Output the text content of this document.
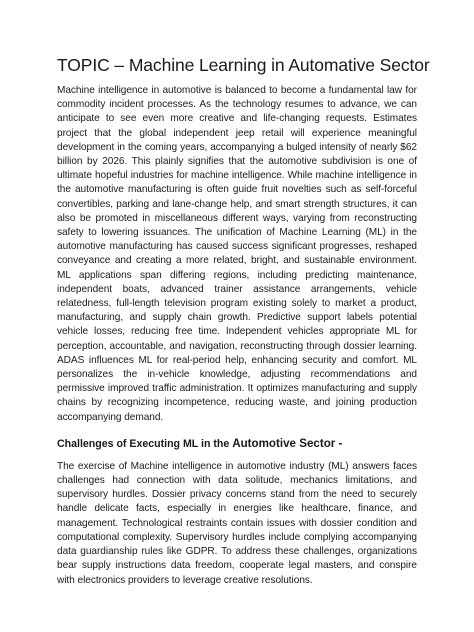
TOPIC – Machine Learning in Automative Sector

Machine intelligence in automotive is balanced to become a fundamental law for commodity incident processes. As the technology resumes to advance, we can anticipate to see even more creative and life-changing requests. Estimates project that the global independent jeep retail will experience meaningful development in the coming years, accompanying a bulged intensity of nearly $62 billion by 2026. This plainly signifies that the automotive subdivision is one of ultimate hopeful industries for machine intelligence. While machine intelligence in the automotive manufacturing is often guide fruit novelties such as self-forceful convertibles, parking and lane-change help, and smart strength structures, it can also be promoted in miscellaneous different ways, varying from reconstructing safety to lowering issuances. The unification of Machine Learning (ML) in the automotive manufacturing has caused success significant progresses, reshaped conveyance and creating a more related, bright, and sustainable environment. ML applications span differing regions, including predicting maintenance, independent boats, advanced trainer assistance arrangements, vehicle relatedness, full-length television program existing solely to market a product, manufacturing, and supply chain growth. Predictive support labels potential vehicle losses, reducing free time. Independent vehicles appropriate ML for perception, accountable, and navigation, reconstructing through dossier learning. ADAS influences ML for real-period help, enhancing security and comfort. ML personalizes the in-vehicle knowledge, adjusting recommendations and permissive improved traffic administration. It optimizes manufacturing and supply chains by recognizing incompetence, reducing waste, and joining production accompanying demand.

Challenges of Executing ML in the Automotive Sector -

The exercise of Machine intelligence in automotive industry (ML) answers faces challenges had connection with data solitude, mechanics limitations, and supervisory hurdles. Dossier privacy concerns stand from the need to securely handle delicate facts, especially in energies like healthcare, finance, and management. Technological restraints contain issues with dossier condition and computational complexity. Supervisory hurdles include complying accompanying data guardianship rules like GDPR. To address these challenges, organizations bear supply instructions data freedom, cooperate legal masters, and conspire with electronics providers to leverage creative resolutions.
